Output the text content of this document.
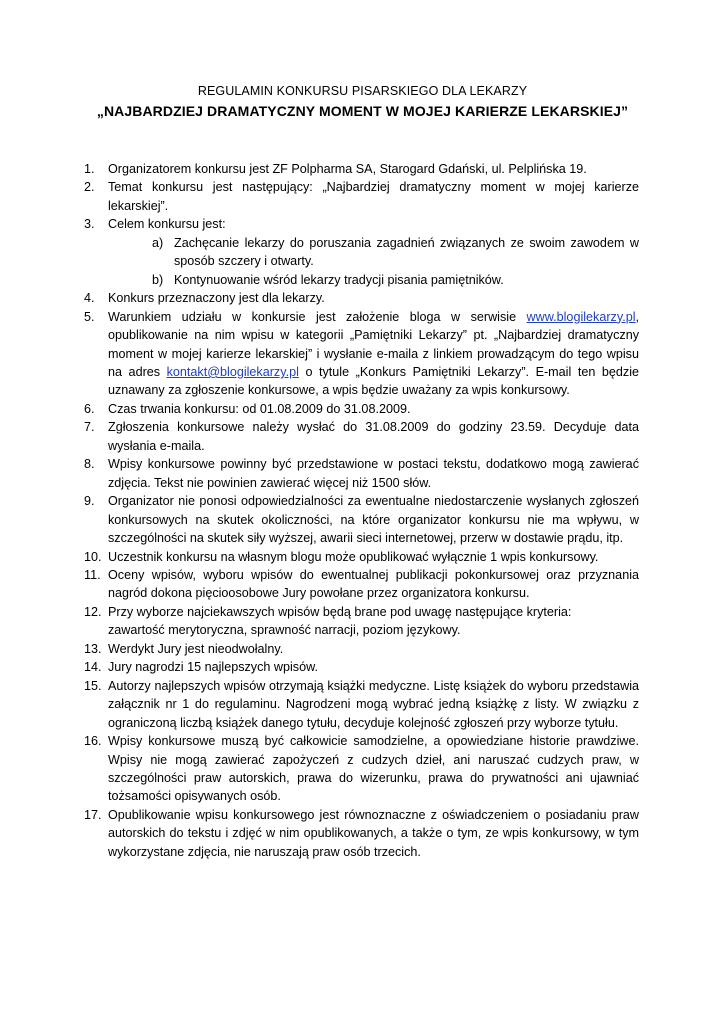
REGULAMIN KONKURSU PISARSKIEGO DLA LEKARZY
„NAJBARDZIEJ DRAMATYCZNY MOMENT W MOJEJ KARIERZE LEKARSKIEJ”
1.	Organizatorem konkursu jest ZF Polpharma SA, Starogard Gdański, ul. Pelplińska 19.
2.	Temat konkursu jest następujący: „Najbardziej dramatyczny moment w mojej karierze lekarskiej”.
3.	Celem konkursu jest:
a) Zachęcanie lekarzy do poruszania zagadnień związanych ze swoim zawodem w sposób szczery i otwarty.
b) Kontynuowanie wśród lekarzy tradycji pisania pamiętników.
4.	Konkurs przeznaczony jest dla lekarzy.
5.	Warunkiem udziału w konkursie jest założenie bloga w serwisie www.blogilekarzy.pl, opublikowanie na nim wpisu w kategorii „Pamiętniki Lekarzy” pt. „Najbardziej dramatyczny moment w mojej karierze lekarskiej” i wysłanie e-maila z linkiem prowadzącym do tego wpisu na adres kontakt@blogilekarzy.pl o tytule „Konkurs Pamiętniki Lekarzy”. E-mail ten będzie uznawany za zgłoszenie konkursowe, a wpis będzie uważany za wpis konkursowy.
6.	Czas trwania konkursu: od 01.08.2009 do 31.08.2009.
7.	Zgłoszenia konkursowe należy wysłać do 31.08.2009 do godziny 23.59. Decyduje data wysłania e-maila.
8.	Wpisy konkursowe powinny być przedstawione w postaci tekstu, dodatkowo mogą zawierać zdjęcia. Tekst nie powinien zawierać więcej niż 1500 słów.
9.	Organizator nie ponosi odpowiedzialności za ewentualne niedostarczenie wysłanych zgłoszeń konkursowych na skutek okoliczności, na które organizator konkursu nie ma wpływu, w szczególności na skutek siły wyższej, awarii sieci internetowej, przerw w dostawie prądu, itp.
10. Uczestnik konkursu na własnym blogu może opublikować wyłącznie 1 wpis konkursowy.
11. Oceny wpisów, wyboru wpisów do ewentualnej publikacji pokonkursowej oraz przyznania nagród dokona pięcioosobowe Jury powołane przez organizatora konkursu.
12. Przy wyborze najciekawszych wpisów będą brane pod uwagę następujące kryteria:
zawartość merytoryczna, sprawność narracji, poziom językowy.
13. Werdykt Jury jest nieodwołalny.
14. Jury nagrodzi 15 najlepszych wpisów.
15. Autorzy najlepszych wpisów otrzymają książki medyczne. Listę książek do wyboru przedstawia załącznik nr 1 do regulaminu. Nagrodzeni mogą wybrać jedną książkę z listy. W związku z ograniczoną liczbą książek danego tytułu, decyduje kolejność zgłoszeń przy wyborze tytułu.
16. Wpisy konkursowe muszą być całkowicie samodzielne, a opowiedziane historie prawdziwe. Wpisy nie mogą zawierać zapożyczeń z cudzych dzieł, ani naruszać cudzych praw, w szczególności praw autorskich, prawa do wizerunku, prawa do prywatności ani ujawniać tożsamości opisywanych osób.
17. Opublikowanie wpisu konkursowego jest równoznaczne z oświadczeniem o posiadaniu praw autorskich do tekstu i zdjęć w nim opublikowanych, a także o tym, ze wpis konkursowy, w tym wykorzystane zdjęcia, nie naruszają praw osób trzecich.
